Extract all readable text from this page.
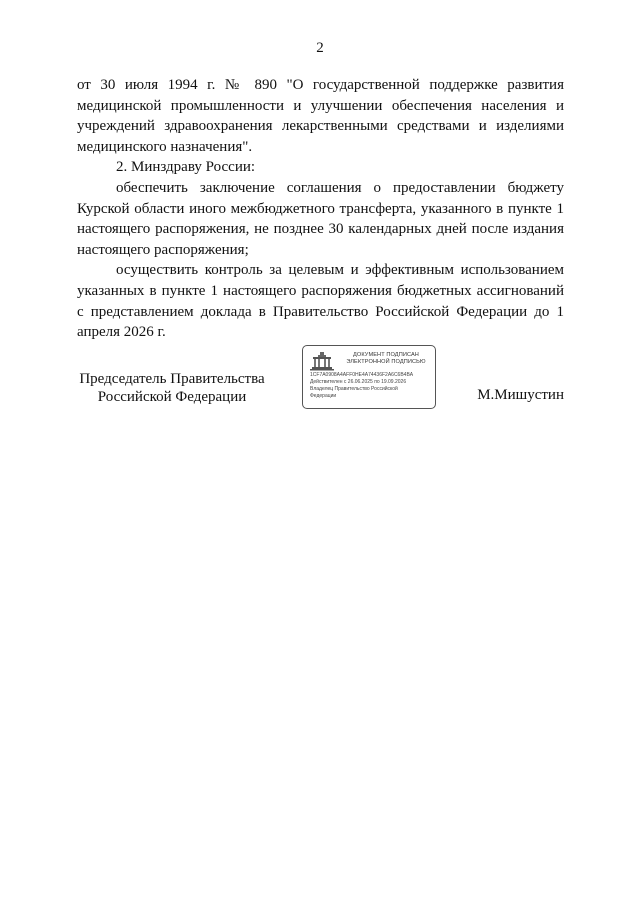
2

от 30 июля 1994 г. № 890 "О государственной поддержке развития медицинской промышленности и улучшении обеспечения населения и учреждений здравоохранения лекарственными средствами и изделиями медицинского назначения".

2. Минздраву России:

обеспечить заключение соглашения о предоставлении бюджету Курской области иного межбюджетного трансферта, указанного в пункте 1 настоящего распоряжения, не позднее 30 календарных дней после издания настоящего распоряжения;

осуществить контроль за целевым и эффективным использованием указанных в пункте 1 настоящего распоряжения бюджетных ассигнований с представлением доклада в Правительство Российской Федерации до 1 апреля 2026 г.

Председатель Правительства
Российской Федерации
ДОКУМЕНТ ПОДПИСАН
ЭЛЕКТРОННОЙ ПОДПИСЬЮ
1CF7A0908A4AFF0HE4A74436F2A6C6B4BA
Действителен с 26.06.2025 по 19.09.2026
Владелец Правительство Российской
Федерации	М.Мишустин
